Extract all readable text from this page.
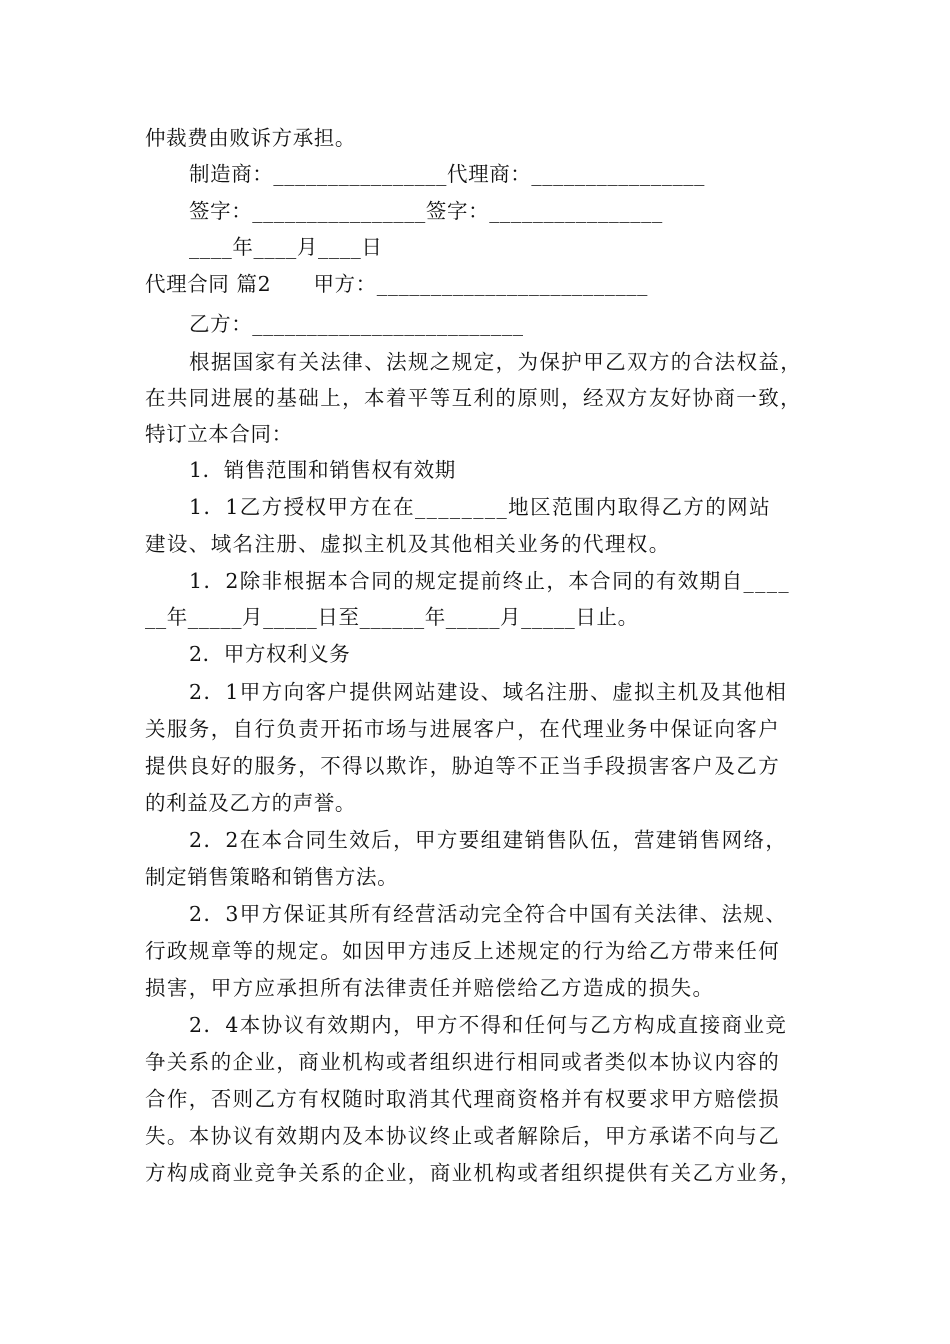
仲裁费由败诉方承担。
制造商：________________代理商：________________
签字：________________签字：________________
____年____月____日
代理合同 篇2　　甲方：_________________________
乙方：_________________________
根据国家有关法律、法规之规定，为保护甲乙双方的合法权益，
在共同进展的基础上，本着平等互利的原则，经双方友好协商一致，
特订立本合同：
1．销售范围和销售权有效期
1．1乙方授权甲方在在________地区范围内取得乙方的网站
建设、域名注册、虚拟主机及其他相关业务的代理权。
1．2除非根据本合同的规定提前终止，本合同的有效期自____
__年_____月_____日至______年_____月_____日止。
2．甲方权利义务
2．1甲方向客户提供网站建设、域名注册、虚拟主机及其他相
关服务，自行负责开拓市场与进展客户，在代理业务中保证向客户
提供良好的服务，不得以欺诈，胁迫等不正当手段损害客户及乙方
的利益及乙方的声誉。
2．2在本合同生效后，甲方要组建销售队伍，营建销售网络，
制定销售策略和销售方法。
2．3甲方保证其所有经营活动完全符合中国有关法律、法规、
行政规章等的规定。如因甲方违反上述规定的行为给乙方带来任何
损害，甲方应承担所有法律责任并赔偿给乙方造成的损失。
2．4本协议有效期内，甲方不得和任何与乙方构成直接商业竞
争关系的企业，商业机构或者组织进行相同或者类似本协议内容的
合作，否则乙方有权随时取消其代理商资格并有权要求甲方赔偿损
失。本协议有效期内及本协议终止或者解除后，甲方承诺不向与乙
方构成商业竞争关系的企业，商业机构或者组织提供有关乙方业务，
